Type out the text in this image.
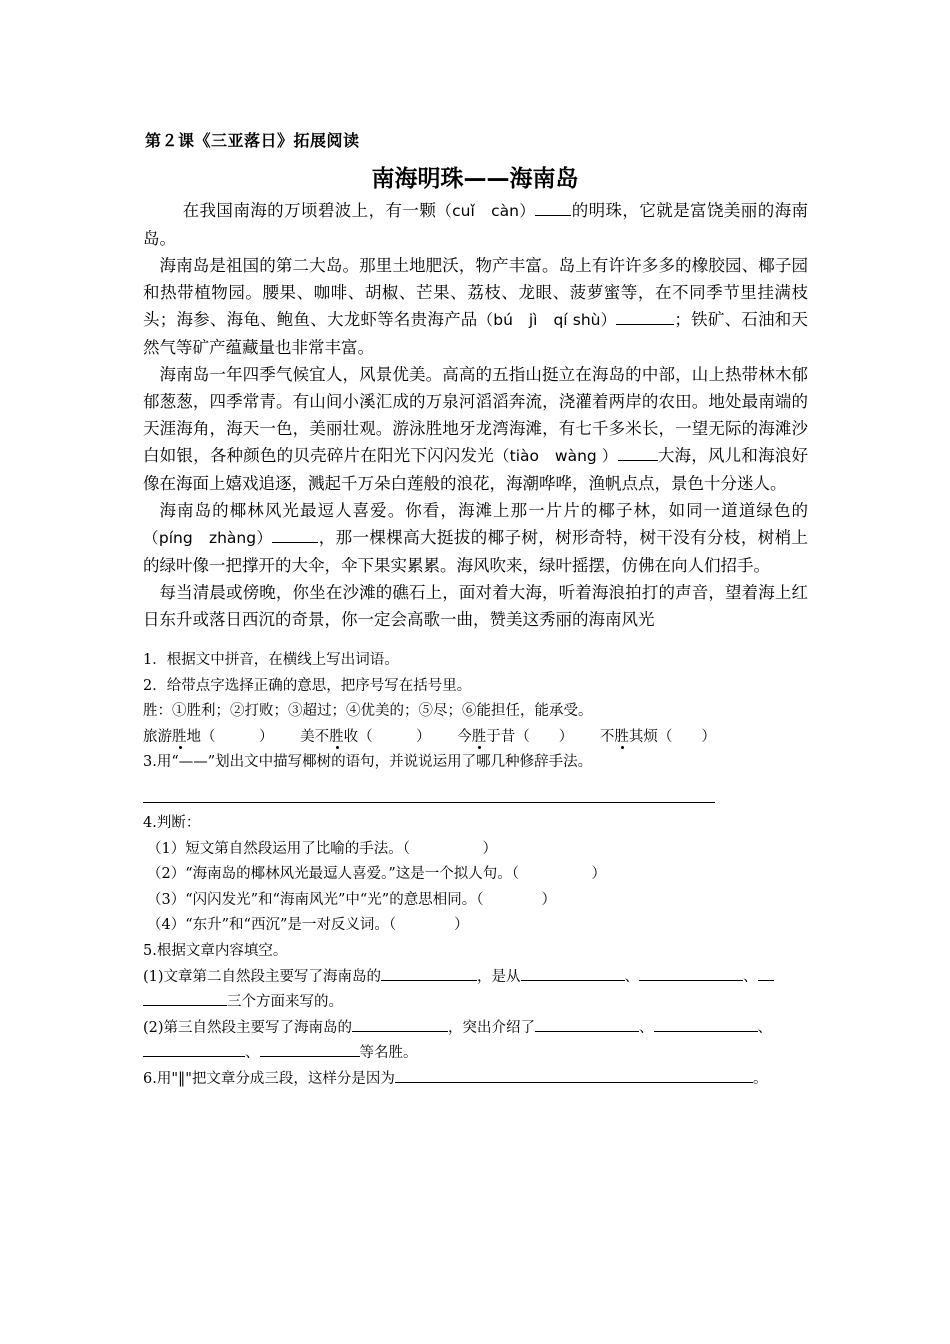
第２课《三亚落日》拓展阅读
南海明珠——海南岛

在我国南海的万顷碧波上，有一颗（cuǐ　càn） 的明珠，它就是富饶美丽的海南岛。

海南岛是祖国的第二大岛。那里土地肥沃，物产丰富。岛上有许许多多的橡胶园、椰子园和热带植物园。腰果、咖啡、胡椒、芒果、荔枝、龙眼、菠萝蜜等，在不同季节里挂满枝头；海参、海龟、鲍鱼、大龙虾等名贵海产品（bú　jì　qí shù）	；铁矿、石油和天然气等矿产蕴藏量也非常丰富。

海南岛一年四季气候宜人，风景优美。高高的五指山挺立在海岛的中部，山上热带林木郁郁葱葱，四季常青。有山间小溪汇成的万泉河滔滔奔流，浇灌着两岸的农田。地处最南端的天涯海角，海天一色，美丽壮观。游泳胜地牙龙湾海滩，有七千多米长，一望无际的海滩沙白如银，各种颜色的贝壳碎片在阳光下闪闪发光（tiào　wàng ） 大海，风儿和海浪好像在海面上嬉戏追逐，溅起千万朵白莲般的浪花，海潮哗哗，渔帆点点，景色十分迷人。

海南岛的椰林风光最逗人喜爱。你看，海滩上那一片片的椰子林，如同一道道绿色的（píng　zhàng）	，那一棵棵高大挺拔的椰子树，树形奇特，树干没有分枝，树梢上的绿叶像一把撑开的大伞，伞下果实累累。海风吹来，绿叶摇摆，仿佛在向人们招手。

每当清晨或傍晚，你坐在沙滩的礁石上，面对着大海，听着海浪拍打的声音，望着海上红日东升或落日西沉的奇景，你一定会高歌一曲，赞美这秀丽的海南风光

1．根据文中拼音，在横线上写出词语。
2．给带点字选择正确的意思，把序号写在括号里。
胜：①胜利；②打败；③超过；④优美的；⑤尽；⑥能担任，能承受。
旅游胜地（　　　） 美不胜收（　　　） 今胜于昔（　　） 不胜其烦（　　）
3.用“——”划出文中描写椰树的语句，并说说运用了哪几种修辞手法。
4.判断：
（1）短文第自然段运用了比喻的手法。（　　　　　）
（2）“海南岛的椰林风光最逗人喜爱。”这是一个拟人句。（　　　　　）
（3）“闪闪发光”和“海南风光”中“光”的意思相同。（　　　　）
（4）“东升”和“西沉”是一对反义词。（　　　　）
5.根据文章内容填空。
(1)文章第二自然段主要写了海南岛的	，是从	、	、
三个方面来写的。
(2)第三自然段主要写了海南岛的	，突出介绍了	、	、
、	等名胜。
6.用"‖"把文章分成三段，这样分是因为	。
